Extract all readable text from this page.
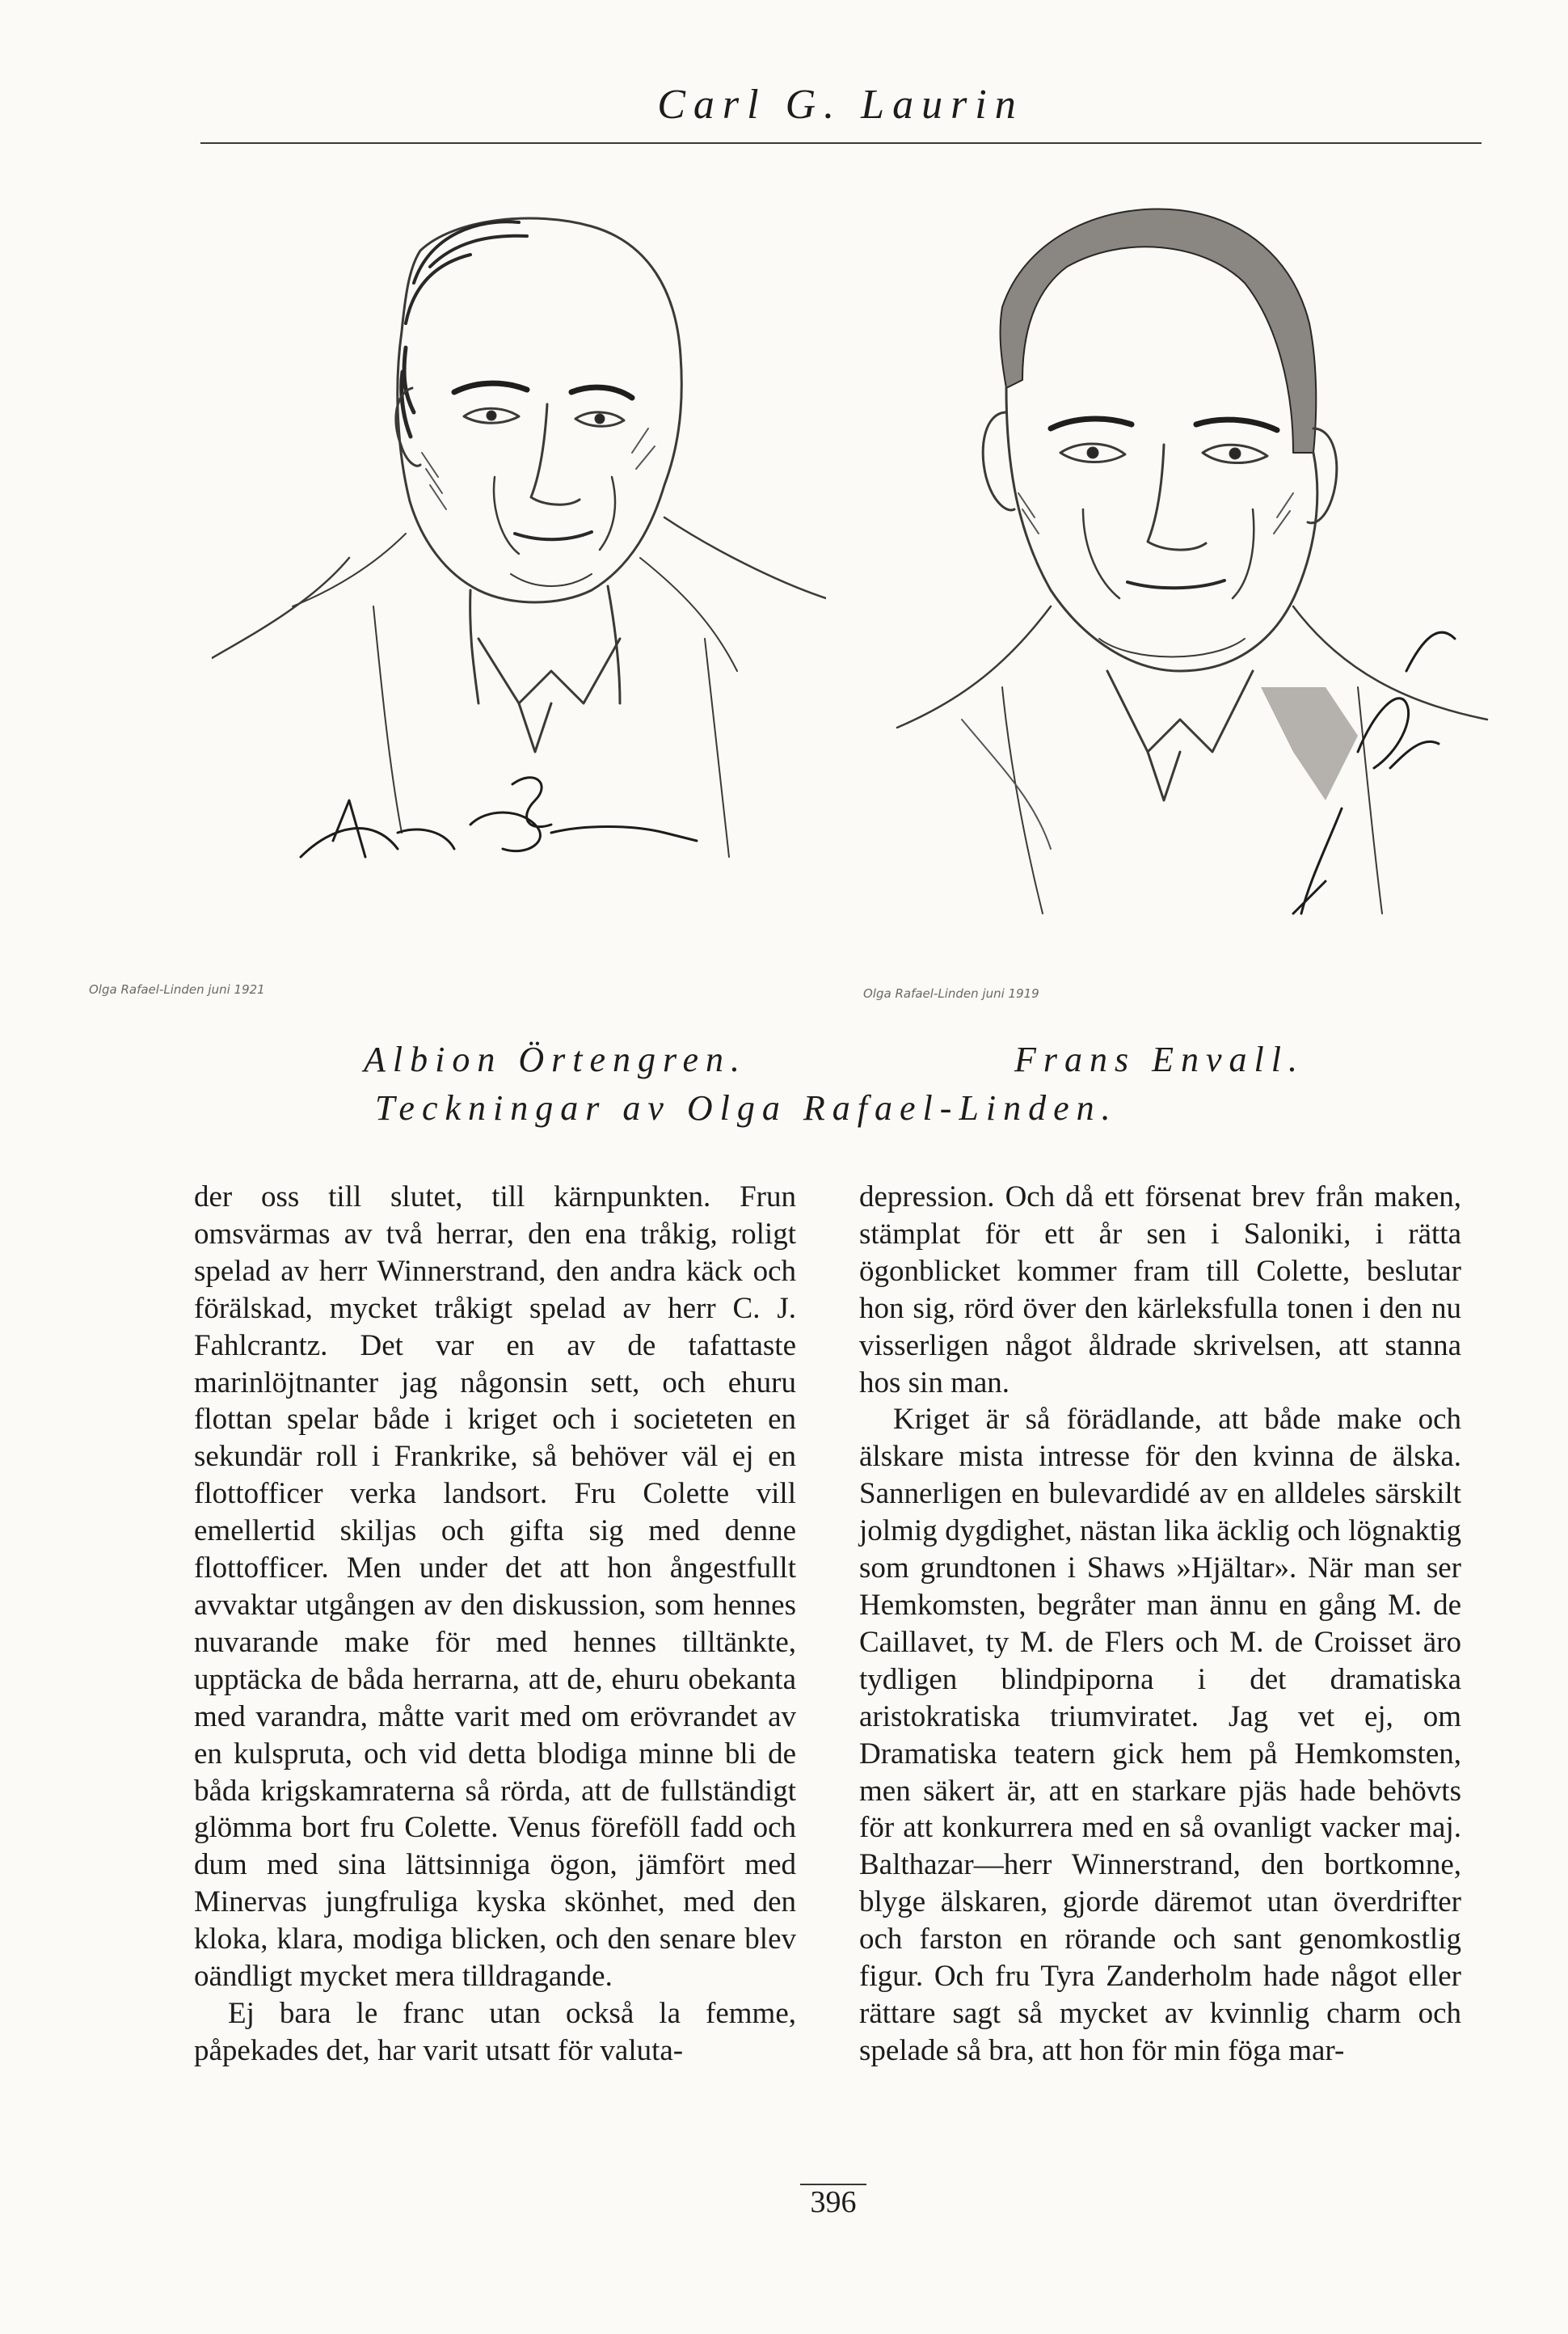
Carl G. Laurin
Olga Rafael-Linden juni 1921	Olga Rafael-Linden juni 1919
Albion Örtengren.	Frans Envall.
Teckningar av Olga Rafael-Linden.

der oss till slutet, till kärnpunkten. Frun omsvärmas av två herrar, den ena tråkig, roligt spelad av herr Winnerstrand, den andra käck och förälskad, mycket tråkigt spelad av herr C. J. Fahlcrantz. Det var en av de tafattaste marinlöjtnanter jag någonsin sett, och ehuru flottan spelar både i kriget och i societeten en sekundär roll i Frankrike, så behöver väl ej en flottofficer verka landsort. Fru Colette vill emellertid skiljas och gifta sig med denne flottofficer. Men under det att hon ångestfullt avvaktar utgången av den diskussion, som hennes nuvarande make för med hennes tilltänkte, upptäcka de båda herrarna, att de, ehuru obekanta med varandra, måtte varit med om erövrandet av en kulspruta, och vid detta blodiga minne bli de båda krigskamraterna så rörda, att de fullständigt glömma bort fru Colette. Venus föreföll fadd och dum med sina lättsinniga ögon, jämfört med Minervas jungfruliga kyska skönhet, med den kloka, klara, modiga blicken, och den senare blev oändligt mycket mera tilldragande.

Ej bara le franc utan också la femme, påpekades det, har varit utsatt för valuta-

depression. Och då ett försenat brev från maken, stämplat för ett år sen i Saloniki, i rätta ögonblicket kommer fram till Colette, beslutar hon sig, rörd över den kärleksfulla tonen i den nu visserligen något åldrade skrivelsen, att stanna hos sin man.

Kriget är så förädlande, att både make och älskare mista intresse för den kvinna de älska. Sannerligen en bulevardidé av en alldeles särskilt jolmig dygdighet, nästan lika äcklig och lögnaktig som grundtonen i Shaws »Hjältar». När man ser Hemkomsten, begråter man ännu en gång M. de Caillavet, ty M. de Flers och M. de Croisset äro tydligen blindpiporna i det dramatiska aristokratiska triumviratet. Jag vet ej, om Dramatiska teatern gick hem på Hemkomsten, men säkert är, att en starkare pjäs hade behövts för att konkurrera med en så ovanligt vacker maj. Balthazar—herr Winnerstrand, den bortkomne, blyge älskaren, gjorde däremot utan överdrifter och farston en rörande och sant genomkostlig figur. Och fru Tyra Zanderholm hade något eller rättare sagt så mycket av kvinnlig charm och spelade så bra, att hon för min föga mar-

396
